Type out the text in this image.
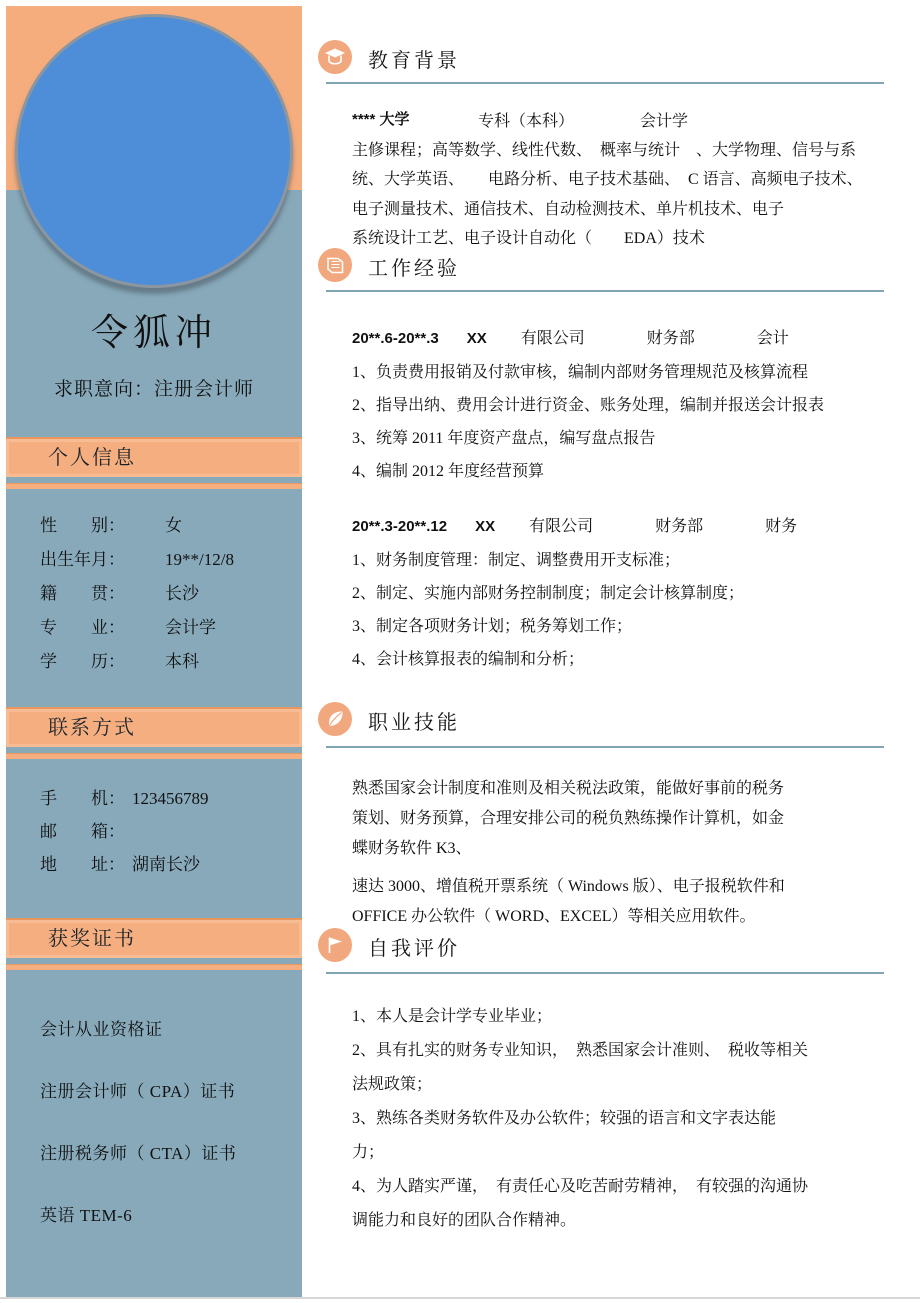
令狐冲
求职意向：注册会计师
个人信息
性　　别：	女
出生年月：	19**/12/8
籍　　贯：	长沙
专　　业：	会计学
学　　历：	本科
联系方式
手　　机： 123456789
邮　　箱：
地　　址： 湖南长沙
获奖证书
会计从业资格证
注册会计师（ CPA）证书
注册税务师（ CTA）证书
英语 TEM-6
教育背景
**** 大学	专科（本科）	会计学
主修课程；高等数学、线性代数、　概率与统计　、大学物理、信号与系
统、大学英语、　　电路分析、电子技术基础、　C 语言、高频电子技术、
电子测量技术、通信技术、自动检测技术、单片机技术、电子
系统设计工艺、电子设计自动化（　　EDA）技术
工作经验
20**.6-20**.3 XX 有限公司	财务部	会计
1、负责费用报销及付款审核，编制内部财务管理规范及核算流程
2、指导出纳、费用会计进行资金、账务处理，编制并报送会计报表
3、统筹 2011 年度资产盘点，编写盘点报告
4、编制 2012 年度经营预算
20**.3-20**.12 XX 有限公司	财务部	财务
1、财务制度管理：制定、调整费用开支标准；
2、制定、实施内部财务控制制度；制定会计核算制度；
3、制定各项财务计划；税务筹划工作；
4、会计核算报表的编制和分析；
职业技能
熟悉国家会计制度和准则及相关税法政策，能做好事前的税务
策划、财务预算，合理安排公司的税负熟练操作计算机，如金
蝶财务软件 K3、
速达 3000、增值税开票系统（ Windows 版）、电子报税软件和
OFFICE 办公软件（ WORD、EXCEL）等相关应用软件。
自我评价
1、本人是会计学专业毕业；
2、具有扎实的财务专业知识，　熟悉国家会计准则、　税收等相关
法规政策；
3、熟练各类财务软件及办公软件；较强的语言和文字表达能
力；
4、为人踏实严谨，　有责任心及吃苦耐劳精神，　有较强的沟通协
调能力和良好的团队合作精神。
